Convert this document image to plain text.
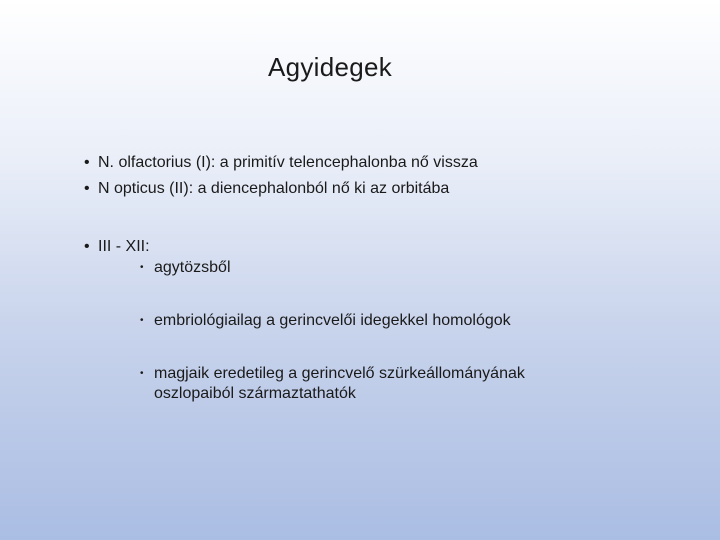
Agyidegek
• N. olfactorius (I): a primitív telencephalonba nő vissza
• N opticus (II): a diencephalonból nő ki az orbitába
• III - XII:
• agytözsből
• embriológiailag a gerincvelői idegekkel homológok
• magjaik eredetileg a gerincvelő szürkeállományának oszlopaiból származtathatók
